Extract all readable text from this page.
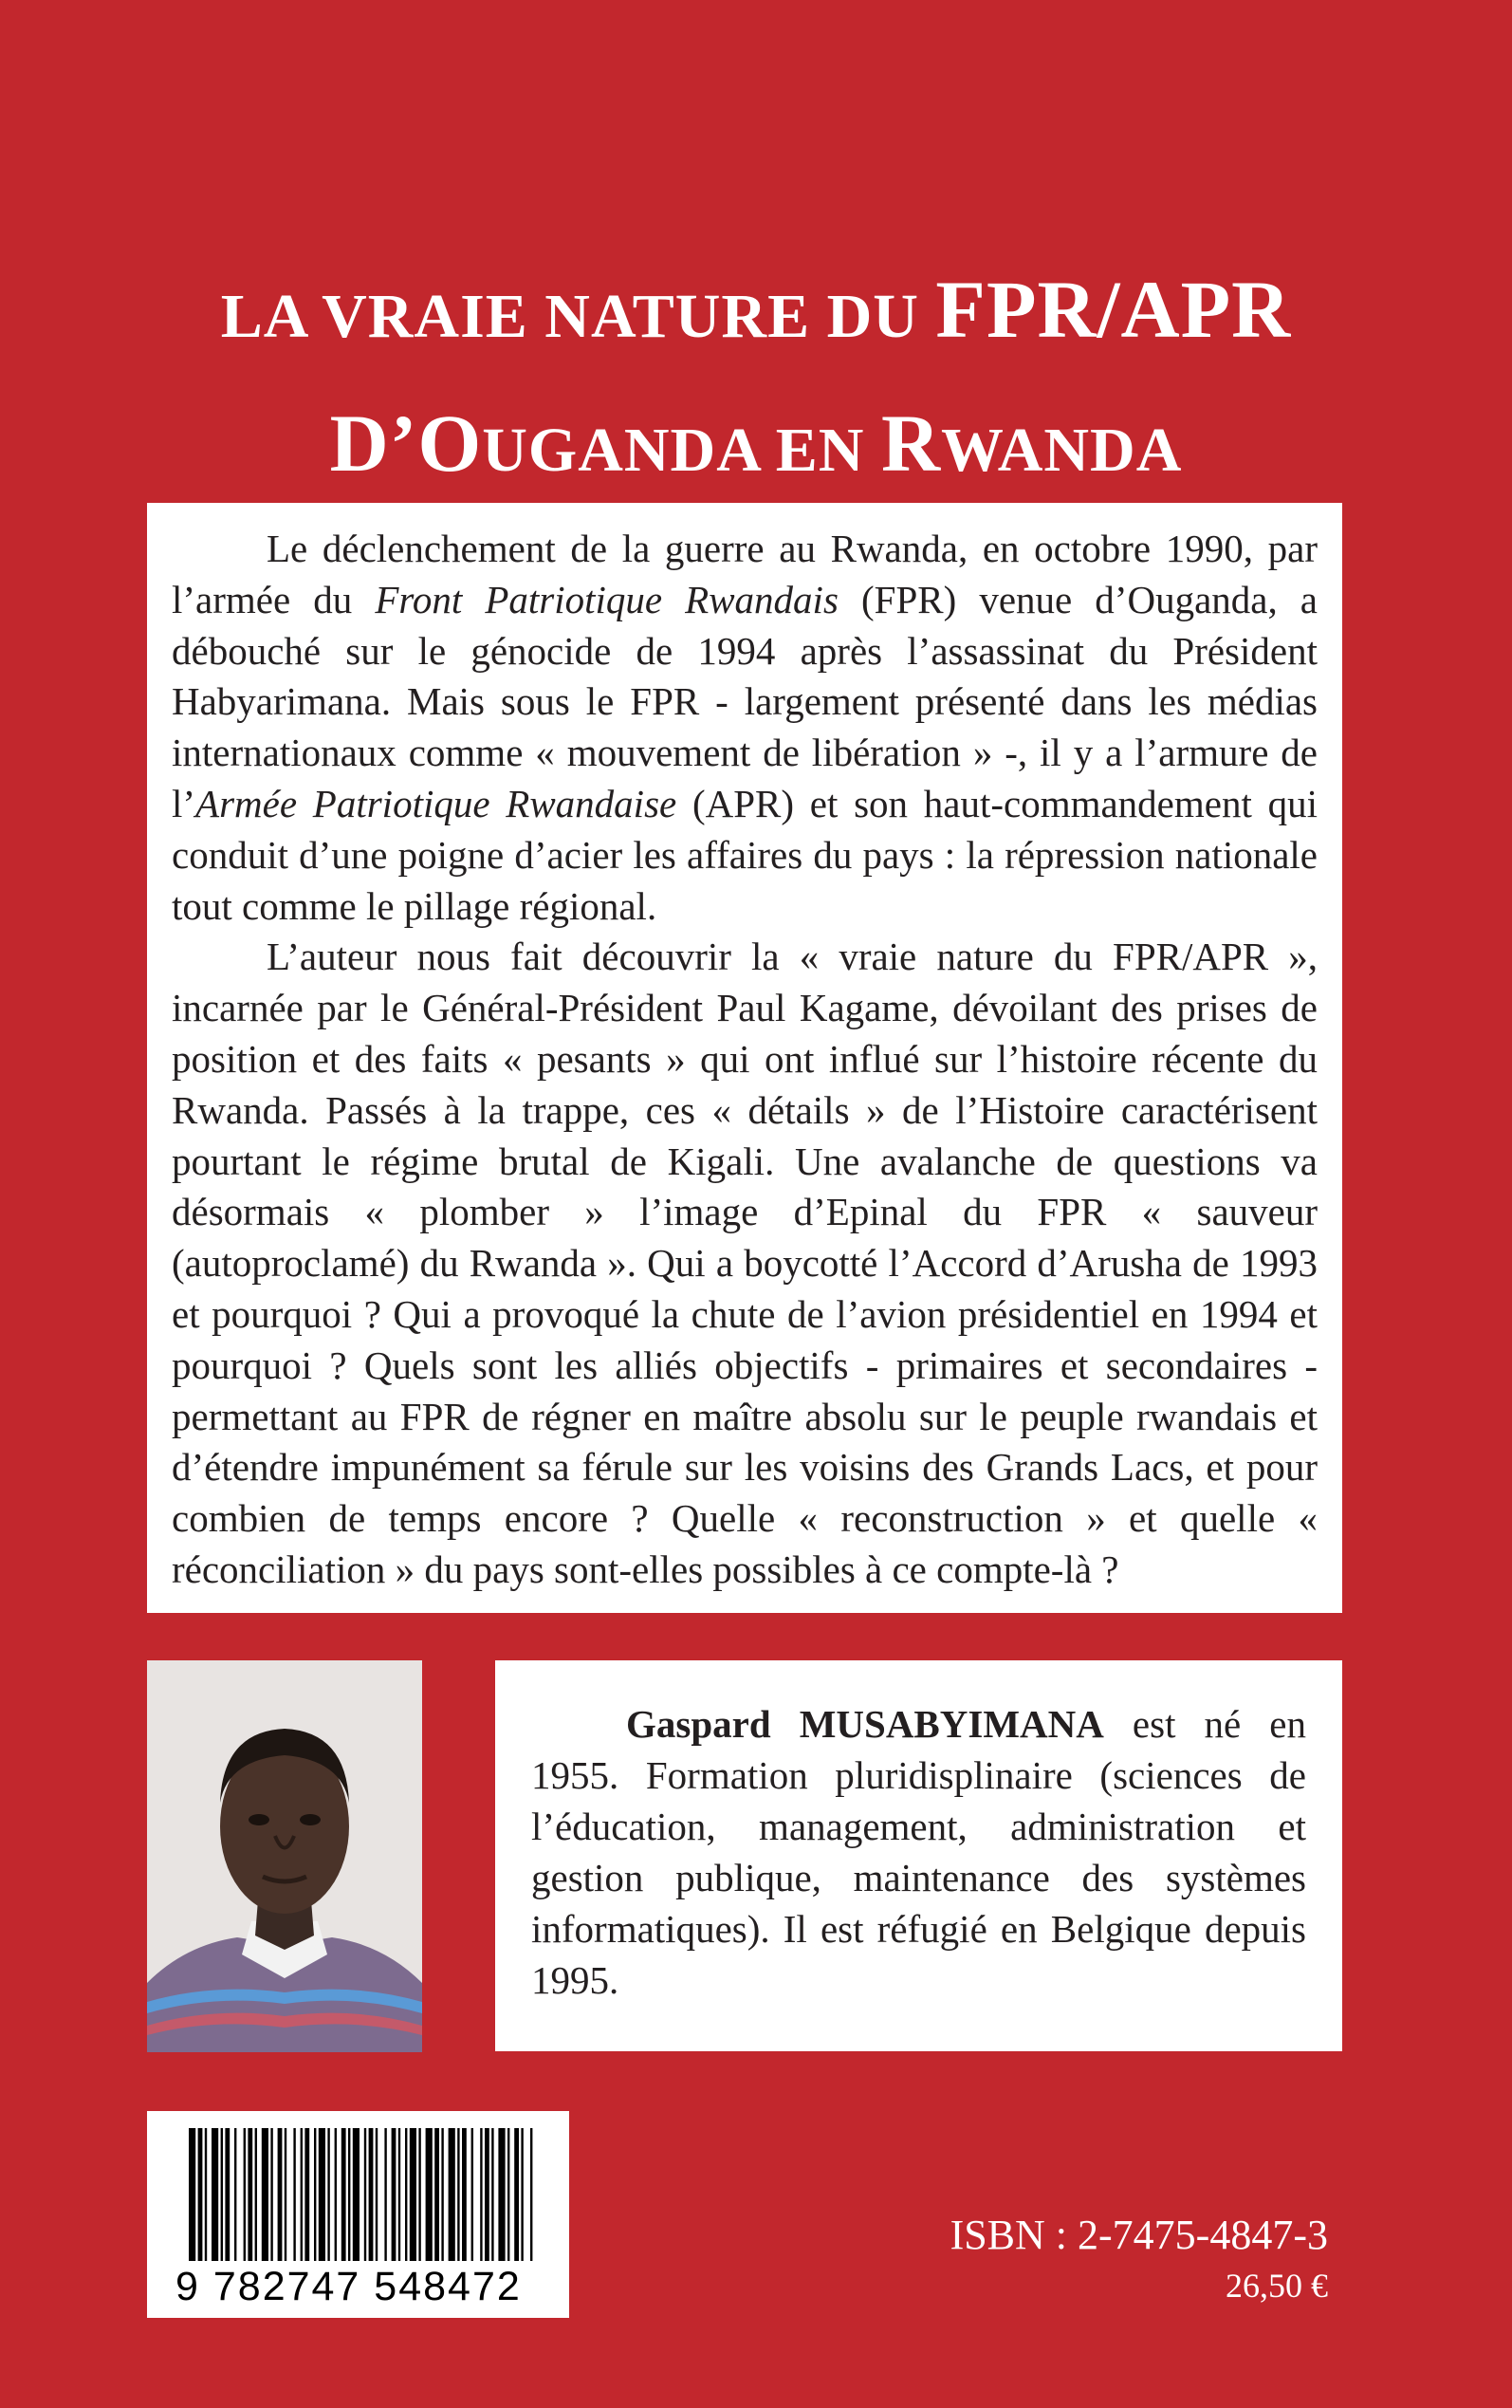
LA VRAIE NATURE DU FPR/APR
D’OUGANDA EN RWANDA

Le déclenchement de la guerre au Rwanda, en octobre 1990, par l’armée du Front Patriotique Rwandais (FPR) venue d’Ouganda, a débouché sur le génocide de 1994 après l’assassinat du Président Habyarimana. Mais sous le FPR - largement présenté dans les médias internationaux comme « mouvement de libération » -, il y a l’armure de l’Armée Patriotique Rwandaise (APR) et son haut-commandement qui conduit d’une poigne d’acier les affaires du pays : la répression nationale tout comme le pillage régional.

L’auteur nous fait découvrir la « vraie nature du FPR/APR », incarnée par le Général-Président Paul Kagame, dévoilant des prises de position et des faits « pesants » qui ont influé sur l’histoire récente du Rwanda. Passés à la trappe, ces « détails » de l’Histoire caractérisent pourtant le régime brutal de Kigali. Une avalanche de questions va désormais « plomber » l’image d’Epinal du FPR « sauveur (autoproclamé) du Rwanda ». Qui a boycotté l’Accord d’Arusha de 1993 et pourquoi ? Qui a provoqué la chute de l’avion présidentiel en 1994 et pourquoi ? Quels sont les alliés objectifs - primaires et secondaires - permettant au FPR de régner en maître absolu sur le peuple rwandais et d’étendre impunément sa férule sur les voisins des Grands Lacs, et pour combien de temps encore ? Quelle « reconstruction » et quelle « réconciliation » du pays sont-elles possibles à ce compte-là ?

Gaspard MUSABYIMANA est né en 1955. Formation pluridisplinaire (sciences de l’éducation, management, administration et gestion publique, maintenance des systèmes informatiques). Il est réfugié en Belgique depuis 1995.

9 782747 548472
ISBN : 2-7475-4847-3
26,50 €
